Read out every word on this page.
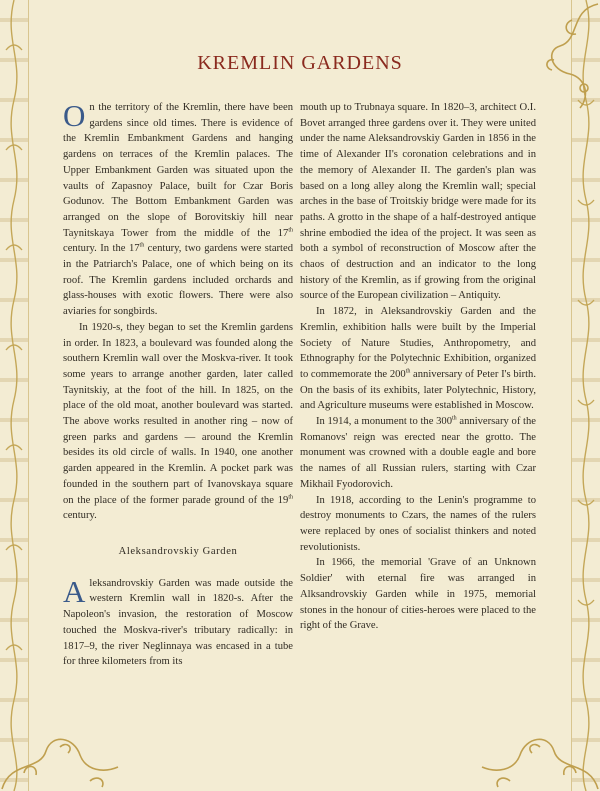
KREMLIN GARDENS

On the territory of the Kremlin, there have been gardens since old times. There is evidence of the Kremlin Embankment Gardens and hanging gardens on terraces of the Kremlin palaces. The Upper Embankment Garden was situated upon the vaults of Zapasnoy Palace, built for Czar Boris Godunov. The Bottom Embankment Garden was arranged on the slope of Borovitskiy hill near Taynitskaya Tower from the middle of the 17th century. In the 17th century, two gardens were started in the Patriarch's Palace, one of which being on its roof. The Kremlin gardens included orchards and glass-houses with exotic flowers. There were also aviaries for songbirds.

In 1920-s, they began to set the Kremlin gardens in order. In 1823, a boulevard was founded along the southern Kremlin wall over the Moskva-river. It took some years to arrange another garden, later called Taynitskiy, at the foot of the hill. In 1825, on the place of the old moat, another boulevard was started. The above works resulted in another ring – now of green parks and gardens — around the Kremlin besides its old circle of walls. In 1940, one another garden appeared in the Kremlin. A pocket park was founded in the southern part of Ivanovskaya square on the place of the former parade ground of the 19th century.

Aleksandrovskiy Garden

Aleksandrovskiy Garden was made outside the western Kremlin wall in 1820-s. After the Napoleon's invasion, the restoration of Moscow touched the Moskva-river's tributary radically: in 1817–9, the river Neglinnaya was encased in a tube for three kilometers from its

mouth up to Trubnaya square. In 1820–3, architect O.I. Bovet arranged three gardens over it. They were united under the name Aleksandrovskiy Garden in 1856 in the time of Alexander II's coronation celebrations and in the memory of Alexander II. The garden's plan was based on a long alley along the Kremlin wall; special arches in the base of Troitskiy bridge were made for its paths. A grotto in the shape of a half-destroyed antique shrine embodied the idea of the project. It was seen as both a symbol of reconstruction of Moscow after the chaos of destruction and an indicator to the long history of the Kremlin, as if growing from the original source of the European civilization – Antiquity.

In 1872, in Aleksandrovskiy Garden and the Kremlin, exhibition halls were built by the Imperial Society of Nature Studies, Anthropometry, and Ethnography for the Polytechnic Exhibition, organized to commemorate the 200th anniversary of Peter I's birth. On the basis of its exhibits, later Polytechnic, History, and Agriculture museums were established in Moscow.

In 1914, a monument to the 300th anniversary of the Romanovs' reign was erected near the grotto. The monument was crowned with a double eagle and bore the names of all Russian rulers, starting with Czar Mikhail Fyodorovich.

In 1918, according to the Lenin's programme to destroy monuments to Czars, the names of the rulers were replaced by ones of socialist thinkers and noted revolutionists.

In 1966, the memorial 'Grave of an Unknown Soldier' with eternal fire was arranged in Alksandrovskiy Garden while in 1975, memorial stones in the honour of cities-heroes were placed to the right of the Grave.
